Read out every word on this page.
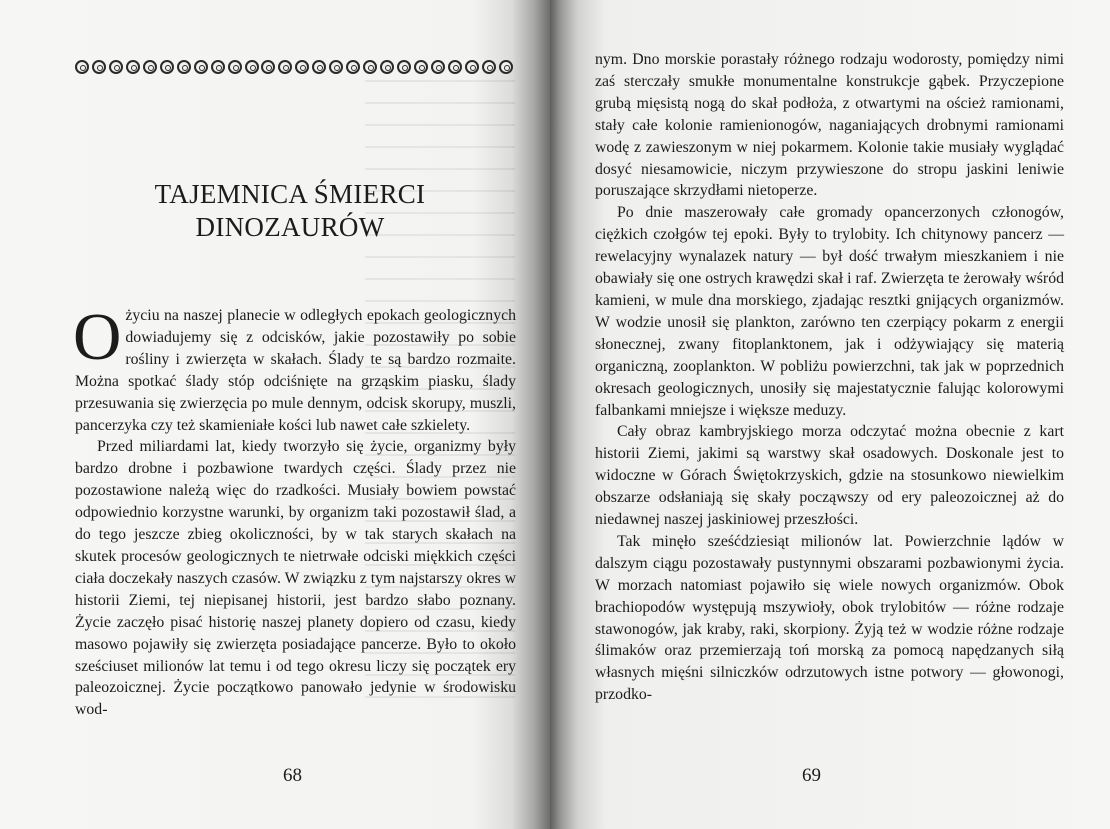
TAJEMNICA ŚMIERCI
DINOZAURÓW

Ożyciu na naszej planecie w odległych epokach geologicznych dowiadujemy się z odcisków, jakie pozostawiły po sobie rośliny i zwierzęta w skałach. Ślady te są bardzo rozmaite. Można spotkać ślady stóp odciśnięte na grząskim piasku, ślady przesuwania się zwierzęcia po mule dennym, odcisk skorupy, muszli, pancerzyka czy też skamieniałe kości lub nawet całe szkielety.

Przed miliardami lat, kiedy tworzyło się życie, organizmy były bardzo drobne i pozbawione twardych części. Ślady przez nie pozostawione należą więc do rzadkości. Musiały bowiem powstać odpowiednio korzystne warunki, by organizm taki pozostawił ślad, a do tego jeszcze zbieg okoliczności, by w tak starych skałach na skutek procesów geologicznych te nietrwałe odciski miękkich części ciała doczekały naszych czasów. W związku z tym najstarszy okres w historii Ziemi, tej niepisanej historii, jest bardzo słabo poznany. Życie zaczęło pisać historię naszej planety dopiero od czasu, kiedy masowo pojawiły się zwierzęta posiadające pancerze. Było to około sześciuset milionów lat temu i od tego okresu liczy się początek ery paleozoicznej. Życie początkowo panowało jedynie w środowisku wod-

68

nym. Dno morskie porastały różnego rodzaju wodorosty, pomiędzy nimi zaś sterczały smukłe monumentalne konstrukcje gąbek. Przyczepione grubą mięsistą nogą do skał podłoża, z otwartymi na oścież ramionami, stały całe kolonie ramienionogów, naganiających drobnymi ramionami wodę z zawieszonym w niej pokarmem. Kolonie takie musiały wyglądać dosyć niesamowicie, niczym przywieszone do stropu jaskini leniwie poruszające skrzydłami nietoperze.

Po dnie maszerowały całe gromady opancerzonych członogów, ciężkich czołgów tej epoki. Były to trylobity. Ich chitynowy pancerz — rewelacyjny wynalazek natury — był dość trwałym mieszkaniem i nie obawiały się one ostrych krawędzi skał i raf. Zwierzęta te żerowały wśród kamieni, w mule dna morskiego, zjadając resztki gnijących organizmów. W wodzie unosił się plankton, zarówno ten czerpiący pokarm z energii słonecznej, zwany fitoplanktonem, jak i odżywiający się materią organiczną, zooplankton. W pobliżu powierzchni, tak jak w poprzednich okresach geologicznych, unosiły się majestatycznie falując kolorowymi falbankami mniejsze i większe meduzy.

Cały obraz kambryjskiego morza odczytać można obecnie z kart historii Ziemi, jakimi są warstwy skał osadowych. Doskonale jest to widoczne w Górach Świętokrzyskich, gdzie na stosunkowo niewielkim obszarze odsłaniają się skały począwszy od ery paleozoicznej aż do niedawnej naszej jaskiniowej przeszłości.

Tak minęło sześćdziesiąt milionów lat. Powierzchnie lądów w dalszym ciągu pozostawały pustynnymi obszarami pozbawionymi życia. W morzach natomiast pojawiło się wiele nowych organizmów. Obok brachiopodów występują mszywioły, obok trylobitów — różne rodzaje stawonogów, jak kraby, raki, skorpiony. Żyją też w wodzie różne rodzaje ślimaków oraz przemierzają toń morską za pomocą napędzanych siłą własnych mięśni silniczków odrzutowych istne potwory — głowonogi, przodko-

69
